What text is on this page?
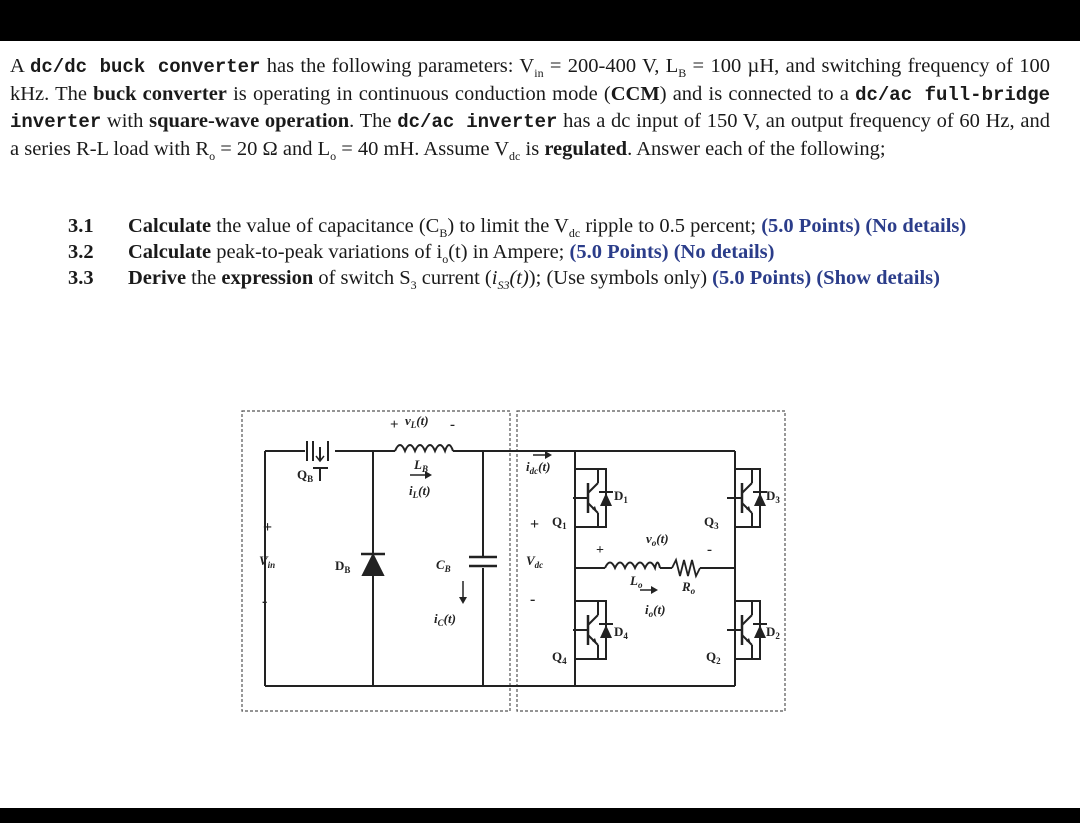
A dc/dc buck converter has the following parameters: $V_{in} = 200-400$ V, $L_B = 100$ µH, and switching frequency of 100 kHz. The buck converter is operating in continuous conduction mode (CCM) and is connected to a dc/ac full-bridge inverter with square-wave operation. The dc/ac inverter has a dc input of 150 V, an output frequency of 60 Hz, and a series R-L load with $R_o = 20$ Ω and $L_o = 40$ mH. Assume $V_{dc}$ is regulated. Answer each of the following;
3.1	Calculate the value of capacitance $(C_B)$ to limit the $V_{dc}$ ripple to 0.5 percent; (5.0 Points) (No details)
3.2	Calculate peak-to-peak variations of $i_o(t)$ in Ampere; (5.0 Points) (No details)
3.3	Derive the expression of switch $S_3$ current $(i_{S3}(t))$; (Use symbols only) (5.0 Points) (Show details)
+ $v_L(t)$ -
$L_B$
$i_L(t)$
$Q_B$
+
$V_{in}$
-
$D_B$	$C_B$
$i_C(t)$
$i_{dc}(t)$
+
$V_{dc}$
-
$Q_1$
$D_1$
$Q_4$
$D_4$
$Q_3$
$D_3$
$Q_2$
$D_2$
+
$v_o(t)$
-
$L_o$	$R_o$
$i_o(t)$
